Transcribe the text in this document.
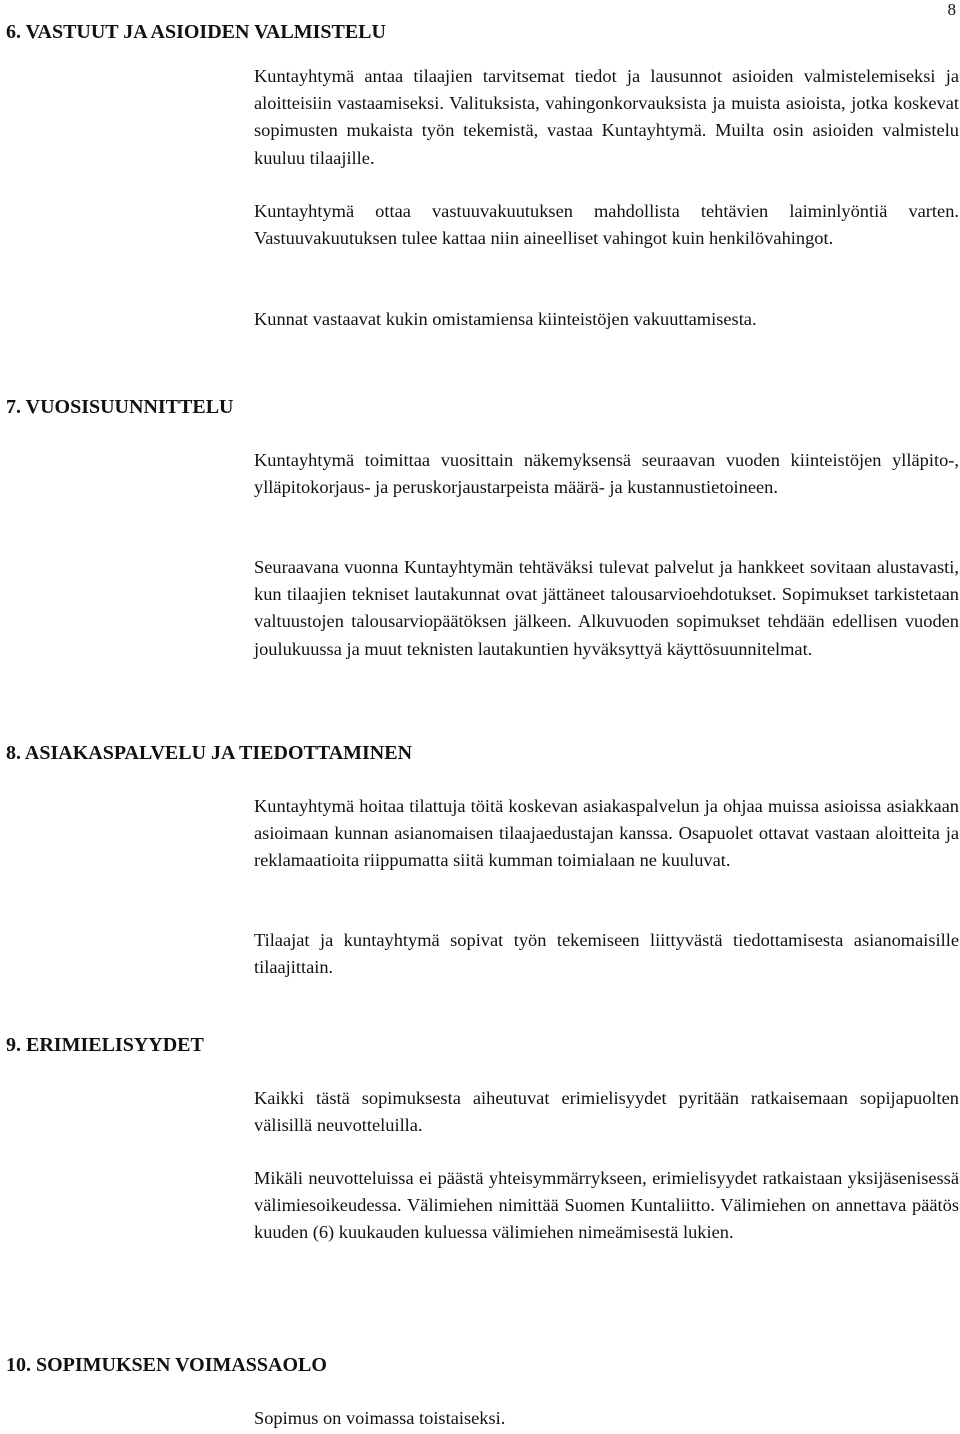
8
6. VASTUUT JA ASIOIDEN VALMISTELU

Kuntayhtymä antaa tilaajien tarvitsemat tiedot ja lausunnot asioiden valmistelemiseksi ja aloitteisiin vastaamiseksi. Valituksista, vahingonkorvauksista ja muista asioista, jotka koskevat sopimusten mukaista työn tekemistä, vastaa Kuntayhtymä. Muilta osin asioiden valmistelu kuuluu tilaajille.

Kuntayhtymä ottaa vastuuvakuutuksen mahdollista tehtävien laiminlyöntiä varten. Vastuuvakuutuksen tulee kattaa niin aineelliset vahingot kuin henkilövahingot.

Kunnat vastaavat kukin omistamiensa kiinteistöjen vakuuttamisesta.

7. VUOSISUUNNITTELU

Kuntayhtymä toimittaa vuosittain näkemyksensä seuraavan vuoden kiinteistöjen ylläpito-, ylläpitokorjaus- ja peruskorjaustarpeista määrä- ja kustannustietoineen.

Seuraavana vuonna Kuntayhtymän tehtäväksi tulevat palvelut ja hankkeet sovitaan alustavasti, kun tilaajien tekniset lautakunnat ovat jättäneet talousarvioehdotukset. Sopimukset tarkistetaan valtuustojen talousarviopäätöksen jälkeen. Alkuvuoden sopimukset tehdään edellisen vuoden joulukuussa ja muut teknisten lautakuntien hyväksyttyä käyttösuunnitelmat.

8. ASIAKASPALVELU JA TIEDOTTAMINEN

Kuntayhtymä hoitaa tilattuja töitä koskevan asiakaspalvelun ja ohjaa muissa asioissa asiakkaan asioimaan kunnan asianomaisen tilaajaedustajan kanssa. Osapuolet ottavat vastaan aloitteita ja reklamaatioita riippumatta siitä kumman toimialaan ne kuuluvat.

Tilaajat ja kuntayhtymä sopivat työn tekemiseen liittyvästä tiedottamisesta asianomaisille tilaajittain.

9. ERIMIELISYYDET

Kaikki tästä sopimuksesta aiheutuvat erimielisyydet pyritään ratkaisemaan sopijapuolten välisillä neuvotteluilla.

Mikäli neuvotteluissa ei päästä yhteisymmärrykseen, erimielisyydet ratkaistaan yksijäsenisessä välimiesoikeudessa. Välimiehen nimittää Suomen Kuntaliitto. Välimiehen on annettava päätös kuuden (6) kuukauden kuluessa välimiehen nimeämisestä lukien.

10. SOPIMUKSEN VOIMASSAOLO

Sopimus on voimassa toistaiseksi.
